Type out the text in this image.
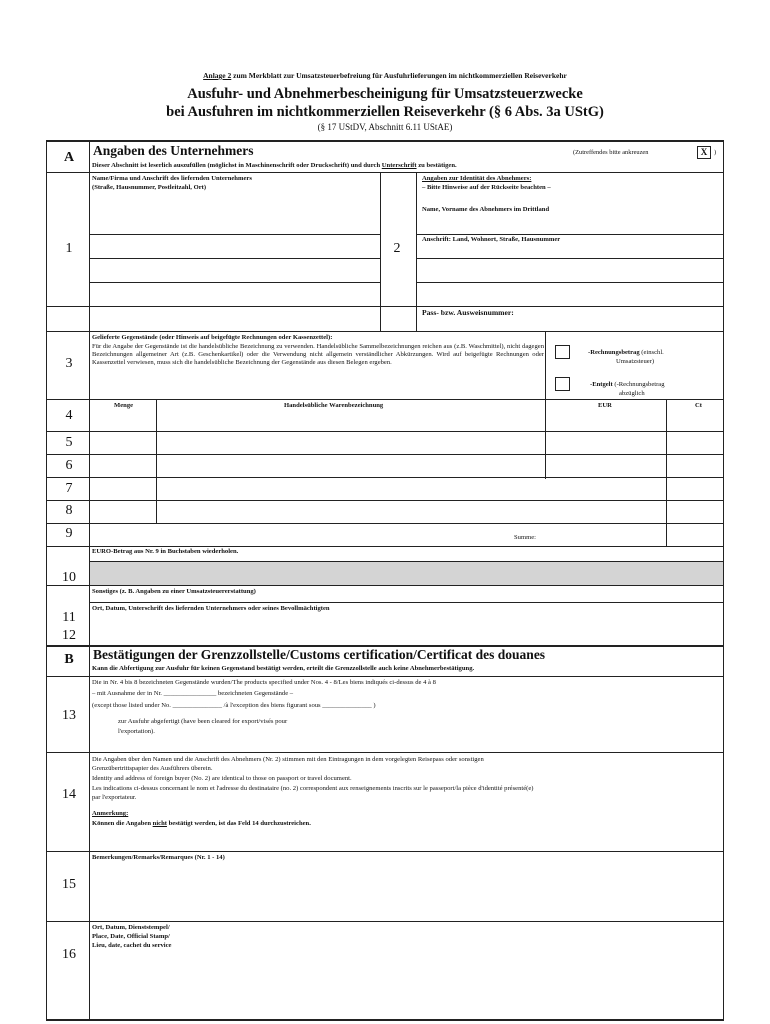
Anlage 2 zum Merkblatt zur Umsatzsteuerbefreiung für Ausfuhrlieferungen im nichtkommerziellen Reiseverkehr
Ausfuhr- und Abnehmerbescheinigung für Umsatzsteuerzwecke
bei Ausfuhren im nichtkommerziellen Reiseverkehr (§ 6 Abs. 3a UStG)
(§ 17 UStDV, Abschnitt 6.11 UStAE)
A	Angaben des Unternehmers	(Zutreffendes bitte ankreuzen	X	)
Dieser Abschnitt ist leserlich auszufüllen (möglichst in Maschinenschrift oder Druckschrift) und durch Unterschrift zu bestätigen.
Name/Firma und Anschrift des liefernden Unternehmers
(Straße, Hausnummer, Postleitzahl, Ort)
Angaben zur Identität des Abnehmers:
– Bitte Hinweise auf der Rückseite beachten –
Name, Vorname des Abnehmers im Drittland
Anschrift: Land, Wohnort, Straße, Hausnummer
Pass- bzw. Ausweisnummer:
1	2
Gelieferte Gegenstände (oder Hinweis auf beigefügte Rechnungen oder Kassenzettel):
Für die Angabe der Gegenstände ist die handelsübliche Bezeichnung zu verwenden. Handelsübliche Sammelbezeichnungen reichen aus (z.B. Waschmittel), nicht dagegen Bezeichnungen allgemeiner Art (z.B. Geschenkartikel) oder die Verwendung nicht allgemein verständlicher Abkürzungen. Wird auf beigefügte Rechnungen oder Kassenzettel verwiesen, muss sich die handelsübliche Bezeichnung der Gegenstände aus diesen Belegen ergeben.
-Rechnungsbetrag (einschl.
Umsatzsteuer)
-Entgelt (-Rechnungsbetrag
abzüglich
3
Menge	Handelsübliche Warenbezeichnung	EUR	Ct
4
5
6
7
8
9	Summe:
EURO-Betrag aus Nr. 9 in Buchstaben wiederholen.
10
Sonstiges (z. B. Angaben zu einer Umsatzsteuererstattung)
Ort, Datum, Unterschrift des liefernden Unternehmers oder seines Bevollmächtigten
11
12
B	Bestätigungen der Grenzzollstelle/Customs certification/Certificat des douanes
Kann die Abfertigung zur Ausfuhr für keinen Gegenstand bestätigt werden, erteilt die Grenzzollstelle auch keine Abnehmerbestätigung.
Die in Nr. 4 bis 8 bezeichneten Gegenstände wurden/The products specified under Nos. 4 - 8/Les biens indiqués ci-dessus de 4 à 8
– mit Ausnahme der in Nr. ________________ bezeichneten Gegenstände –
(except those listed under No. _______________ /à l'exception des biens figurant sous _______________ )
zur Ausfuhr abgefertigt (have been cleared for export/visés pour
l'exportation).
13
Die Angaben über den Namen und die Anschrift des Abnehmers (Nr. 2) stimmen mit den Eintragungen in dem vorgelegten Reisepass oder sonstigen
Grenzübertrittspapier des Ausführers überein.
Identity and address of foreign buyer (No. 2) are identical to those on passport or travel document.
Les indications ci-dessus concernant le nom et l'adresse du destinataire (no. 2) correspondent aux renseignements inscrits sur le passeport/la pièce d'identité présenté(e)
par l'exportateur.
Anmerkung:
Können die Angaben nicht bestätigt werden, ist das Feld 14 durchzustreichen.
14
Bemerkungen/Remarks/Remarques (Nr. 1 - 14)
15
Ort, Datum, Dienststempel/
Place, Date, Official Stamp/
Lieu, date, cachet du service
16
